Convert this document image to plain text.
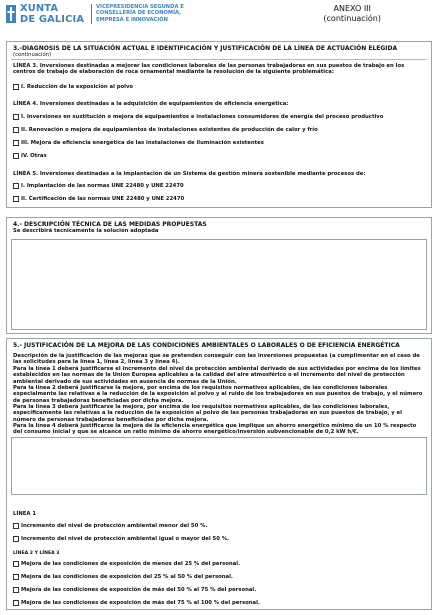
XUNTA
DE GALICIA
VICEPRESIDENCIA SEGUNDA E
CONSELLERÍA DE ECONOMÍA,
EMPRESA E INNOVACIÓN
ANEXO III
(continuación)
3.-DIAGNOSIS DE LA SITUACIÓN ACTUAL E IDENTIFICACIÓN Y JUSTIFICACIÓN DE LA LÍNEA DE ACTUACIÓN ELEGIDA
(continuación)
LÍNEA 3. Inversiones destinadas a mejorar las condiciones laborales de las personas trabajadoras en sus puestos de trabajo en los centros de trabajo de elaboración de roca ornamental mediante la resolución de la siguiente problemática:
I. Reducción de la exposición al polvo
LÍNEA 4. Inversiones destinadas a la adquisición de equipamientos de eficiencia energética:
I. Inversiones en sustitución o mejora de equipamientos e instalaciones consumidores de energía del proceso productivo
II. Renovación o mejora de equipamientos de instalaciones existentes de producción de calor y frío
III. Mejora de eficiencia energética de las instalaciones de iluminación existentes
IV. Otras
LÍNEA 5. Inversiones destinadas a la implantación de un Sistema de gestión minera sostenible mediante procesos de:
I. Implantación de las normas UNE 22480 y UNE 22470
II. Certificación de las normas UNE 22480 y UNE 22470
4.- DESCRIPCIÓN TÉCNICA DE LAS MEDIDAS PROPUESTAS
Se describirá tecnicamente la solución adoptada
5.- JUSTIFICACIÓN DE LA MEJORA DE LAS CONDICIONES AMBIENTALES O LABORALES O DE EFICIENCIA ENERGÉTICA
Descripción de la justificación de las mejoras que se pretenden conseguir con las inversiones propuestas (a cumplimentar en el caso de las solicitudes para la línea 1, línea 2, línea 3 y línea 4).
Para la línea 1 deberá justificarse el incremento del nivel de protección ambiental derivado de sus actividades por encima de los límites establecidos en las normas de la Unión Europea aplicables a la calidad del aire atmosférico o el incremento del nivel de protección ambiental derivado de sus actividades en ausencia de normas de la Unión.
Para la línea 2 deberá justificarse la mejora, por encima de los requisitos normativos aplicables, de las condiciones laborales especialmente las relativas a la reducción de la exposición al polvo y al ruido de los trabajadores en sus puestos de trabajo, y el número de personas trabajadoras beneficiadas por dicha mejora.
Para la línea 3 deberá justificarse la mejora, por encima de los requisitos normativos aplicables, de las condiciones laborales, específicamente las relativas a la reducción de la exposición al polvo de las personas trabajadoras en sus puestos de trabajo, y el número de personas trabajadoras beneficiadas por dicha mejora.
Para la línea 4 deberá justificarse la mejora de la eficiencia energética que implique un ahorro energético mínimo de un 10 % respecto del consumo inicial y que se alcance un ratio mínimo de ahorro energético/inversión subvencionable de 0,2 kW h/€.
LÍNEA 1
Incremento del nivel de protección ambiental menor del 50 %.
Incremento del nivel de protección ambiental igual o mayor del 50 %.
LÍNEA 2 Y LÍNEA 3
Mejora de las condiciones de exposición de menos del 25 % del personal.
Mejora de las condiciones de exposición del 25 % al 50 % del personal.
Mejora de las condiciones de exposición de más del 50 % al 75 % del personal.
Mejora de las condiciones de exposición de más del 75 % al 100 % del personal.
